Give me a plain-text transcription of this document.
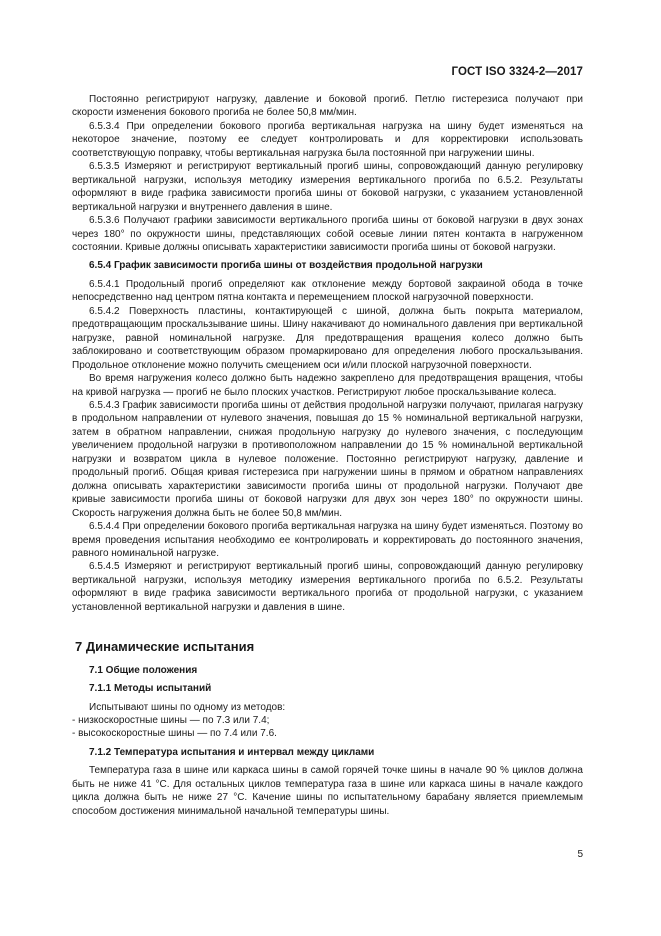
ГОСТ ISO 3324-2—2017

Постоянно регистрируют нагрузку, давление и боковой прогиб. Петлю гистерезиса получают при скорости изменения бокового прогиба не более 50,8 мм/мин.

6.5.3.4 При определении бокового прогиба вертикальная нагрузка на шину будет изменяться на некоторое значение, поэтому ее следует контролировать и для корректировки использовать соответствующую поправку, чтобы вертикальная нагрузка была постоянной при нагружении шины.

6.5.3.5 Измеряют и регистрируют вертикальный прогиб шины, сопровождающий данную регулировку вертикальной нагрузки, используя методику измерения вертикального прогиба по 6.5.2. Результаты оформляют в виде графика зависимости прогиба шины от боковой нагрузки, с указанием установленной вертикальной нагрузки и внутреннего давления в шине.

6.5.3.6 Получают графики зависимости вертикального прогиба шины от боковой нагрузки в двух зонах через 180° по окружности шины, представляющих собой осевые линии пятен контакта в нагруженном состоянии. Кривые должны описывать характеристики зависимости прогиба шины от боковой нагрузки.

6.5.4 График зависимости прогиба шины от воздействия продольной нагрузки

6.5.4.1 Продольный прогиб определяют как отклонение между бортовой закраиной обода в точке непосредственно над центром пятна контакта и перемещением плоской нагрузочной поверхности.

6.5.4.2 Поверхность пластины, контактирующей с шиной, должна быть покрыта материалом, предотвращающим проскальзывание шины. Шину накачивают до номинального давления при вертикальной нагрузке, равной номинальной нагрузке. Для предотвращения вращения колесо должно быть заблокировано и соответствующим образом промаркировано для определения любого проскальзывания. Продольное отклонение можно получить смещением оси и/или плоской нагрузочной поверхности.

Во время нагружения колесо должно быть надежно закреплено для предотвращения вращения, чтобы на кривой нагрузка — прогиб не было плоских участков. Регистрируют любое проскальзывание колеса.

6.5.4.3 График зависимости прогиба шины от действия продольной нагрузки получают, прилагая нагрузку в продольном направлении от нулевого значения, повышая до 15 % номинальной вертикальной нагрузки, затем в обратном направлении, снижая продольную нагрузку до нулевого значения, с последующим увеличением продольной нагрузки в противоположном направлении до 15 % номинальной вертикальной нагрузки и возвратом цикла в нулевое положение. Постоянно регистрируют нагрузку, давление и продольный прогиб. Общая кривая гистерезиса при нагружении шины в прямом и обратном направлениях должна описывать характеристики зависимости прогиба шины от продольной нагрузки. Получают две кривые зависимости прогиба шины от боковой нагрузки для двух зон через 180° по окружности шины. Скорость нагружения должна быть не более 50,8 мм/мин.

6.5.4.4 При определении бокового прогиба вертикальная нагрузка на шину будет изменяться. Поэтому во время проведения испытания необходимо ее контролировать и корректировать до постоянного значения, равного номинальной нагрузке.

6.5.4.5 Измеряют и регистрируют вертикальный прогиб шины, сопровождающий данную регулировку вертикальной нагрузки, используя методику измерения вертикального прогиба по 6.5.2. Результаты оформляют в виде графика зависимости вертикального прогиба от продольной нагрузки, с указанием установленной вертикальной нагрузки и давления в шине.

7 Динамические испытания

7.1 Общие положения

7.1.1 Методы испытаний

Испытывают шины по одному из методов:

- низкоскоростные шины — по 7.3 или 7.4;

- высокоскоростные шины — по 7.4 или 7.6.

7.1.2 Температура испытания и интервал между циклами

Температура газа в шине или каркаса шины в самой горячей точке шины в начале 90 % циклов должна быть не ниже 41 °С. Для остальных циклов температура газа в шине или каркаса шины в начале каждого цикла должна быть не ниже 27 °С. Качение шины по испытательному барабану является приемлемым способом достижения минимальной начальной температуры шины.

5
